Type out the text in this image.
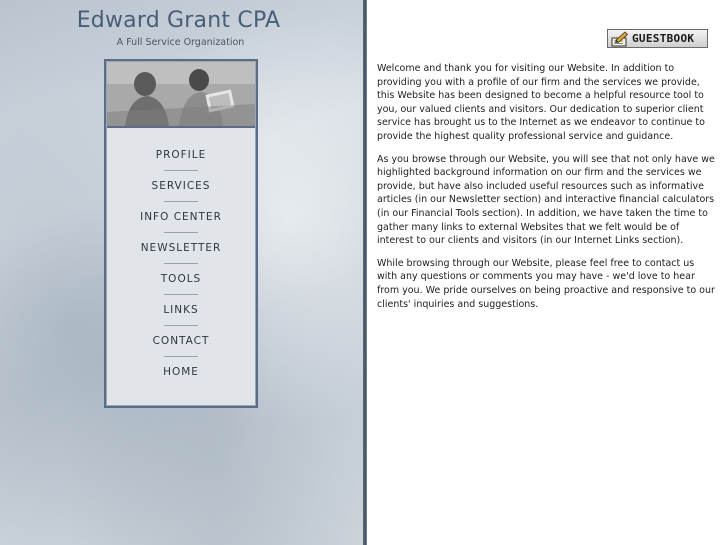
Edward Grant CPA
A Full Service Organization
PROFILE
SERVICES
INFO CENTER
NEWSLETTER
TOOLS
LINKS
CONTACT
HOME
GUESTBOOK

Welcome and thank you for visiting our Website. In addition to providing you with a profile of our firm and the services we provide, this Website has been designed to become a helpful resource tool to you, our valued clients and visitors. Our dedication to superior client service has brought us to the Internet as we endeavor to continue to provide the highest quality professional service and guidance.

As you browse through our Website, you will see that not only have we highlighted background information on our firm and the services we provide, but have also included useful resources such as informative articles (in our Newsletter section) and interactive financial calculators (in our Financial Tools section). In addition, we have taken the time to gather many links to external Websites that we felt would be of interest to our clients and visitors (in our Internet Links section).

While browsing through our Website, please feel free to contact us with any questions or comments you may have - we'd love to hear from you. We pride ourselves on being proactive and responsive to our clients' inquiries and suggestions.
